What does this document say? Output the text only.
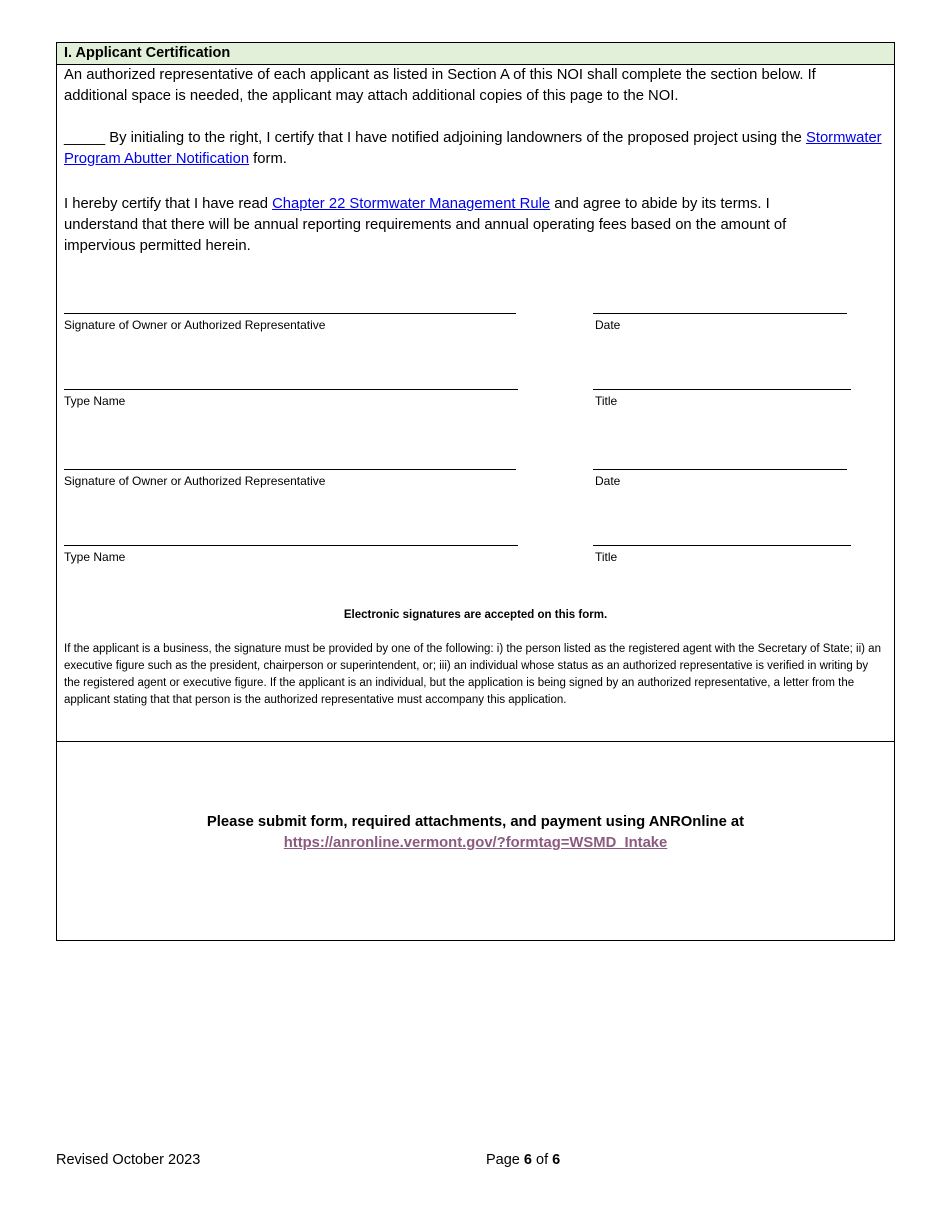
I. Applicant Certification
An authorized representative of each applicant as listed in Section A of this NOI shall complete the section below. If additional space is needed, the applicant may attach additional copies of this page to the NOI.
_____ By initialing to the right, I certify that I have notified adjoining landowners of the proposed project using the Stormwater Program Abutter Notification form.
I hereby certify that I have read Chapter 22 Stormwater Management Rule and agree to abide by its terms. I understand that there will be annual reporting requirements and annual operating fees based on the amount of impervious permitted herein.
Signature of Owner or Authorized Representative	Date
Type Name	Title
Signature of Owner or Authorized Representative	Date
Type Name	Title
Electronic signatures are accepted on this form.
If the applicant is a business, the signature must be provided by one of the following: i) the person listed as the registered agent with the Secretary of State; ii) an executive figure such as the president, chairperson or superintendent, or; iii) an individual whose status as an authorized representative is verified in writing by the registered agent or executive figure. If the applicant is an individual, but the application is being signed by an authorized representative, a letter from the applicant stating that that person is the authorized representative must accompany this application.
Please submit form, required attachments, and payment using ANROnline at
https://anronline.vermont.gov/?formtag=WSMD_Intake
Revised October 2023	Page 6 of 6
